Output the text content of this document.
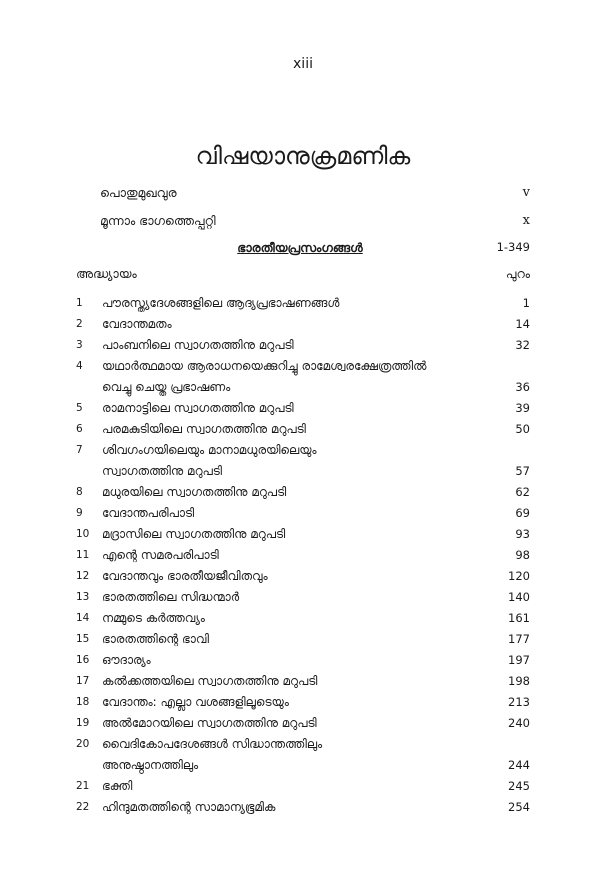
xiii
വിഷയാനുക്രമണിക
പൊതുമുഖവുര	v
മൂന്നാം ഭാഗത്തെപ്പറ്റി	x
ഭാരതീയപ്രസംഗങ്ങൾ	1-349
അദ്ധ്യായം	പുറം
1	പൗരസ്ത്യദേശങ്ങളിലെ ആദ്യപ്രഭാഷണങ്ങൾ	1
2	വേദാന്തമതം	14
3	പാംബനിലെ സ്വാഗതത്തിനു മറുപടി	32
4	യഥാർത്ഥമായ ആരാധനയെക്കുറിച്ചു രാമേശ്വരക്ഷേത്രത്തിൽ
വെച്ചു ചെയ്ത പ്രഭാഷണം	36
5	രാമനാട്ടിലെ സ്വാഗതത്തിനു മറുപടി	39
6	പരമകുടിയിലെ സ്വാഗതത്തിനു മറുപടി	50
7	ശിവഗംഗയിലെയും മാനാമധുരയിലെയും
സ്വാഗതത്തിനു മറുപടി	57
8	മധുരയിലെ സ്വാഗതത്തിനു മറുപടി	62
9	വേദാന്തപരിപാടി	69
10	മദ്രാസിലെ സ്വാഗതത്തിനു മറുപടി	93
11	എന്റെ സമരപരിപാടി	98
12	വേദാന്തവും ഭാരതീയജീവിതവും	120
13	ഭാരതത്തിലെ സിദ്ധന്മാർ	140
14	നമ്മുടെ കർത്തവ്യം	161
15	ഭാരതത്തിന്റെ ഭാവി	177
16	ഔദാര്യം	197
17	കൽക്കത്തയിലെ സ്വാഗതത്തിനു മറുപടി	198
18	വേദാന്തം: എല്ലാ വശങ്ങളിലൂടെയും	213
19	അൽമോറയിലെ സ്വാഗതത്തിനു മറുപടി	240
20	വൈദികോപദേശങ്ങൾ സിദ്ധാന്തത്തിലും
അനുഷ്ഠാനത്തിലും	244
21	ഭക്തി	245
22	ഹിന്ദുമതത്തിന്റെ സാമാന്യഭൂമിക	254
